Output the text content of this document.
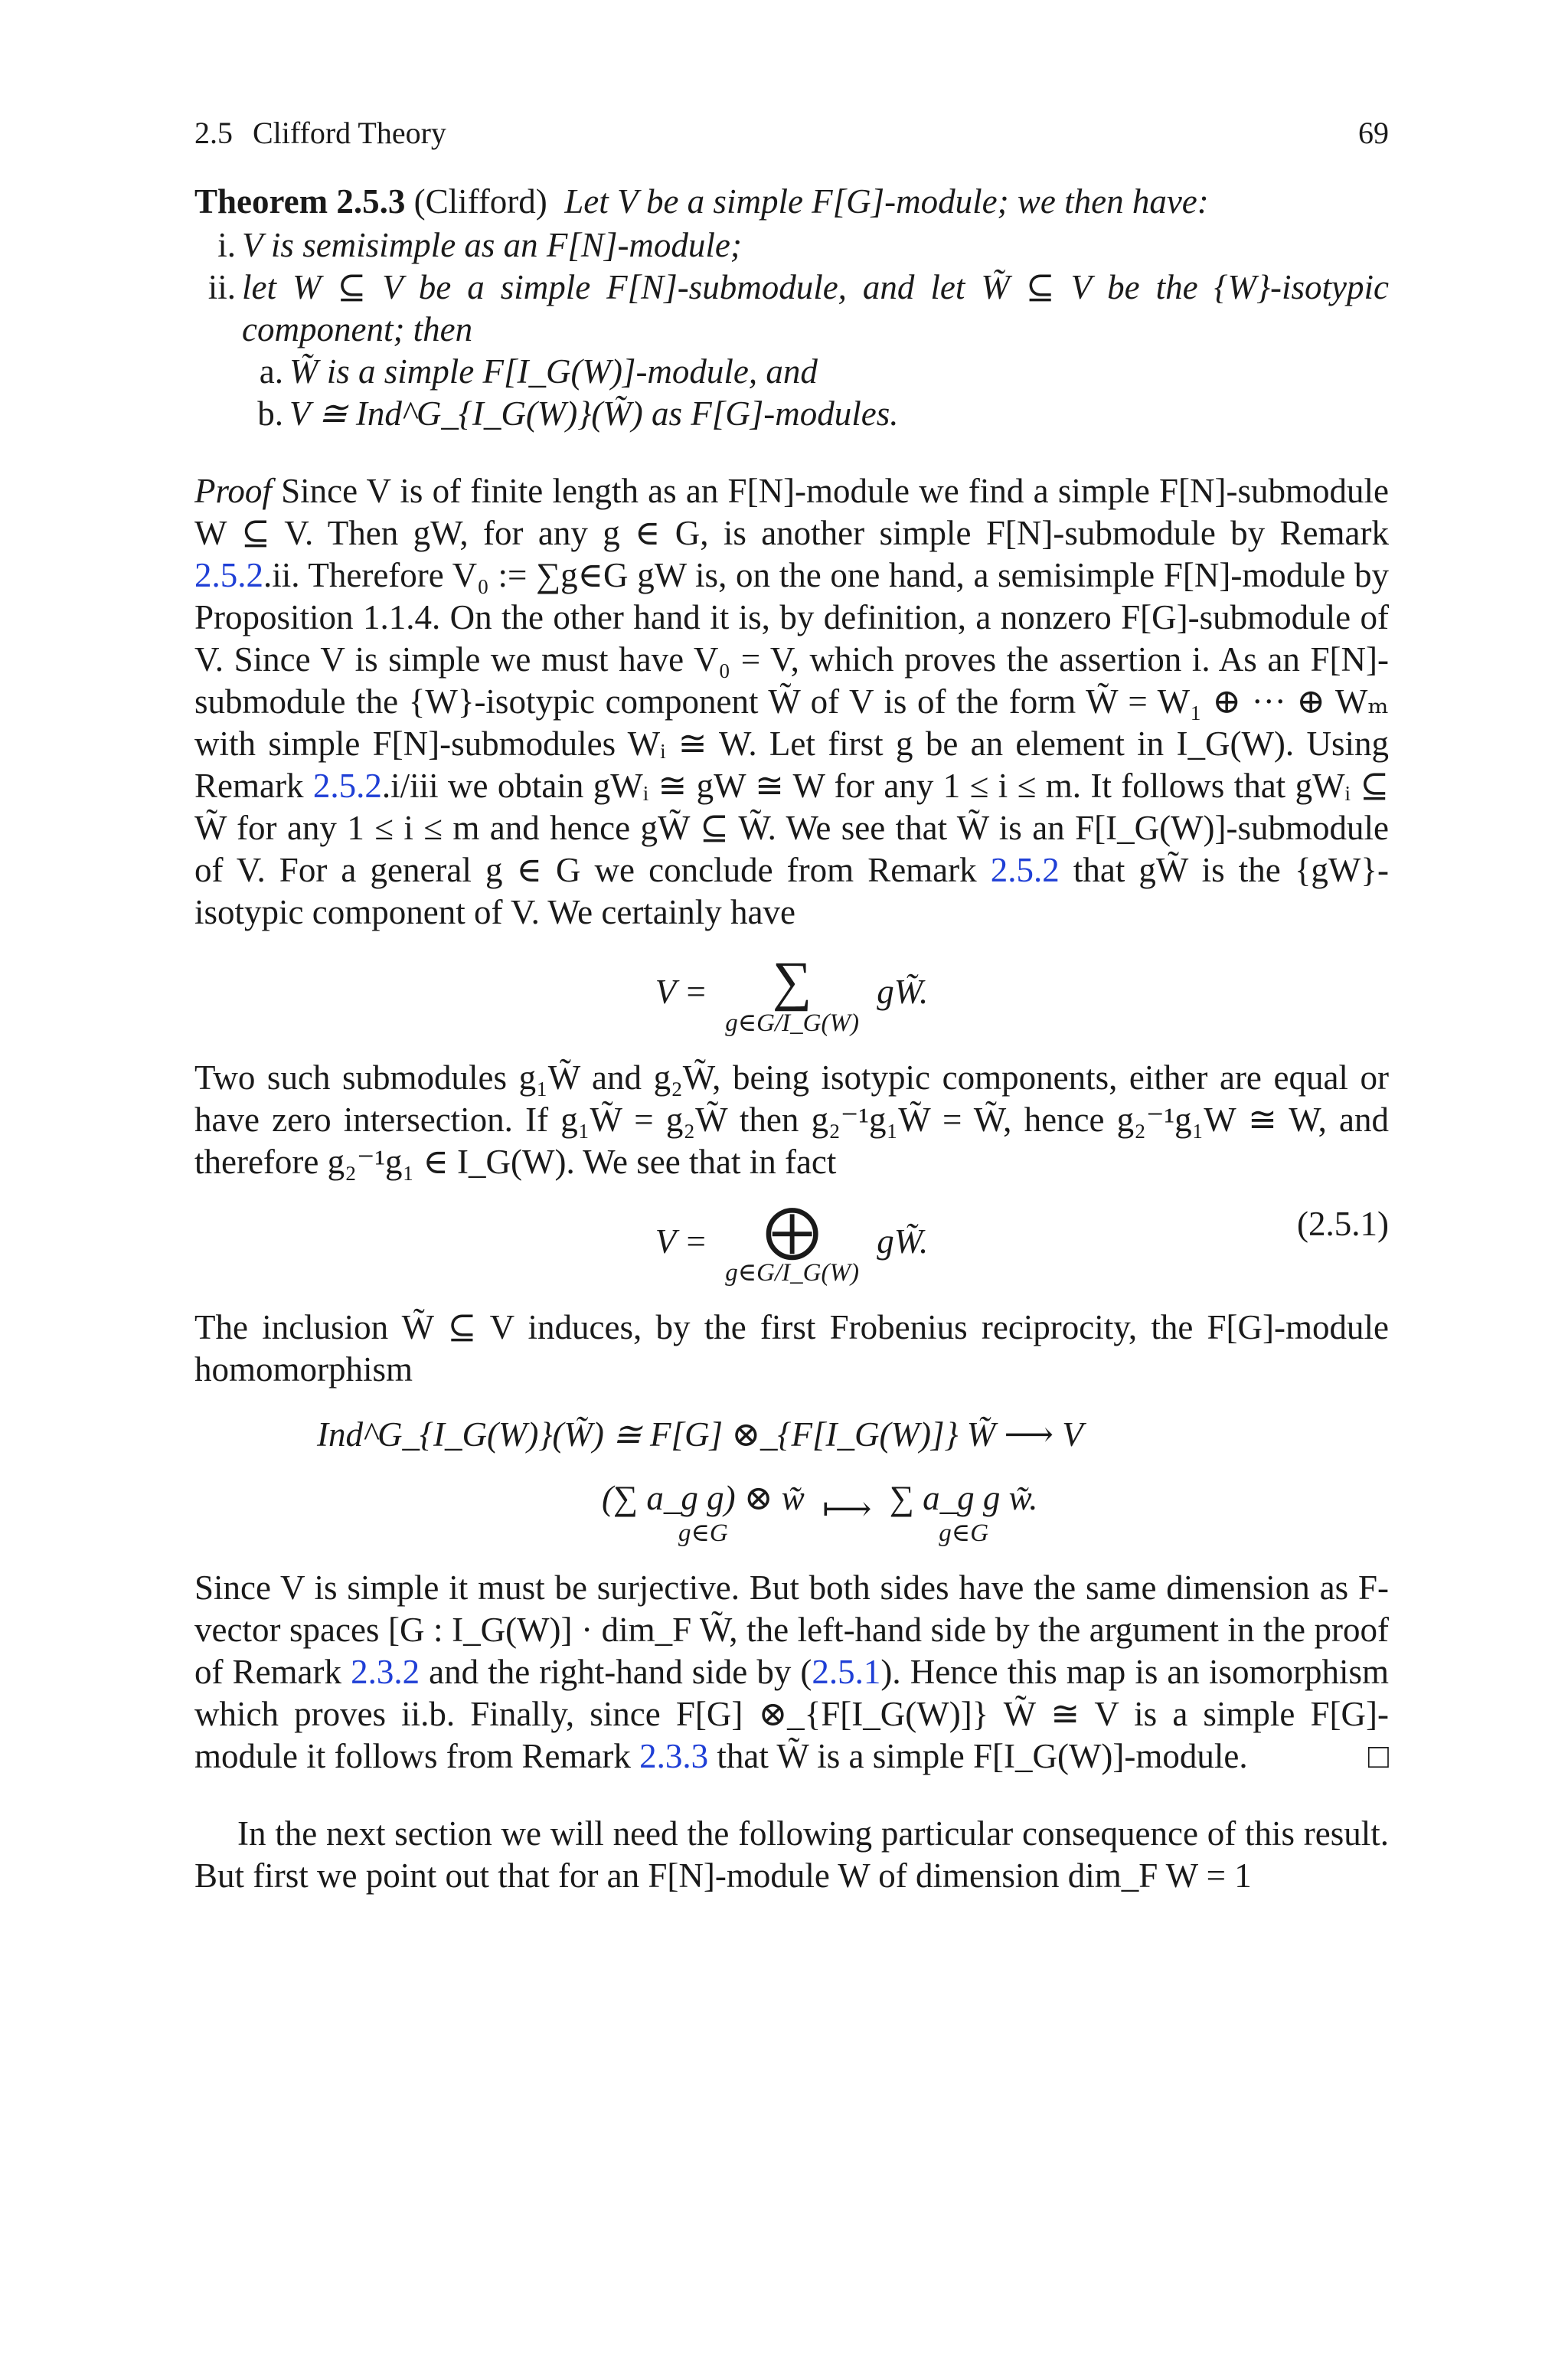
2.5 Clifford Theory	69

Theorem 2.5.3 (Clifford) Let V be a simple F[G]-module; we then have:

i. V is semisimple as an F[N]-module;
ii. let W ⊆ V be a simple F[N]-submodule, and let W̃ ⊆ V be the {W}-isotypic component; then
a. W̃ is a simple F[I_G(W)]-module, and
b. V ≅ Ind^G_{I_G(W)}(W̃) as F[G]-modules.

Proof Since V is of finite length as an F[N]-module we find a simple F[N]-submodule W ⊆ V. Then gW, for any g ∈ G, is another simple F[N]-submodule by Remark 2.5.2.ii. Therefore V₀ := ∑g∈G gW is, on the one hand, a semisimple F[N]-module by Proposition 1.1.4. On the other hand it is, by definition, a nonzero F[G]-submodule of V. Since V is simple we must have V₀ = V, which proves the assertion i. As an F[N]-submodule the {W}-isotypic component W̃ of V is of the form W̃ = W₁ ⊕ ··· ⊕ Wₘ with simple F[N]-submodules Wᵢ ≅ W. Let first g be an element in I_G(W). Using Remark 2.5.2.i/iii we obtain gWᵢ ≅ gW ≅ W for any 1 ≤ i ≤ m. It follows that gWᵢ ⊆ W̃ for any 1 ≤ i ≤ m and hence gW̃ ⊆ W̃. We see that W̃ is an F[I_G(W)]-submodule of V. For a general g ∈ G we conclude from Remark 2.5.2 that gW̃ is the {gW}-isotypic component of V. We certainly have

V = ∑
g∈G/I_G(W)
gW̃.

Two such submodules g₁W̃ and g₂W̃, being isotypic components, either are equal or have zero intersection. If g₁W̃ = g₂W̃ then g₂⁻¹g₁W̃ = W̃, hence g₂⁻¹g₁W ≅ W, and therefore g₂⁻¹g₁ ∈ I_G(W). We see that in fact

V = ⨁
g∈G/I_G(W)
gW̃.	(2.5.1)

The inclusion W̃ ⊆ V induces, by the first Frobenius reciprocity, the F[G]-module homomorphism

Ind^G_{I_G(W)}(W̃) ≅ F[G] ⊗_{F[I_G(W)]} W̃ ⟶ V
(∑ a_g g) ⊗ w̃
g∈G
⟼ ∑ a_g g w̃.
g∈G

Since V is simple it must be surjective. But both sides have the same dimension as F-vector spaces [G : I_G(W)] · dim_F W̃, the left-hand side by the argument in the proof of Remark 2.3.2 and the right-hand side by (2.5.1). Hence this map is an isomorphism which proves ii.b. Finally, since F[G] ⊗_{F[I_G(W)]} W̃ ≅ V is a simple F[G]-module it follows from Remark 2.3.3 that W̃ is a simple F[I_G(W)]-module.	□

In the next section we will need the following particular consequence of this result. But first we point out that for an F[N]-module W of dimension dim_F W = 1
